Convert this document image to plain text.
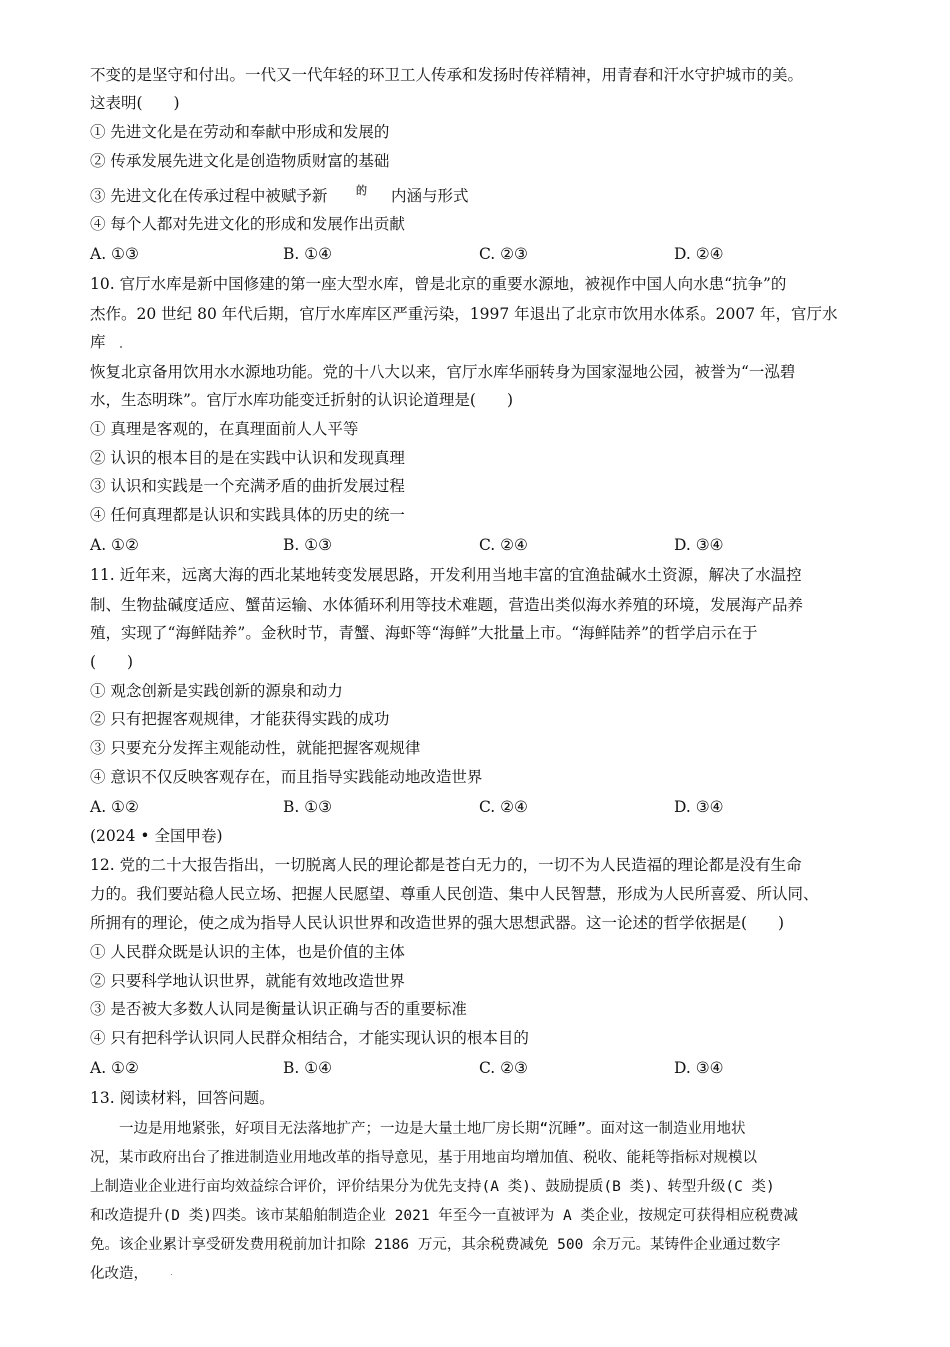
不变的是坚守和付出。一代又一代年轻的环卫工人传承和发扬时传祥精神，用青春和汗水守护城市的美。
这表明(　　)
① 先进文化是在劳动和奉献中形成和发展的
② 传承发展先进文化是创造物质财富的基础
③ 先进文化在传承过程中被赋予新	的 内涵与形式
④ 每个人都对先进文化的形成和发展作出贡献
A. ①③	B. ①④	C. ②③	D. ②④
10. 官厅水库是新中国修建的第一座大型水库，曾是北京的重要水源地，被视作中国人向水患“抗争”的
杰作。20 世纪 80 年代后期，官厅水库库区严重污染，1997 年退出了北京市饮用水体系。2007 年，官厅水
库
恢复北京备用饮用水水源地功能。党的十八大以来，官厅水库华丽转身为国家湿地公园，被誉为“一泓碧
水，生态明珠”。官厅水库功能变迁折射的认识论道理是(　　)
① 真理是客观的，在真理面前人人平等
② 认识的根本目的是在实践中认识和发现真理
③ 认识和实践是一个充满矛盾的曲折发展过程
④ 任何真理都是认识和实践具体的历史的统一
A. ①②	B. ①③	C. ②④	D. ③④
11. 近年来，远离大海的西北某地转变发展思路，开发利用当地丰富的宜渔盐碱水土资源，解决了水温控
制、生物盐碱度适应、蟹苗运输、水体循环利用等技术难题，营造出类似海水养殖的环境，发展海产品养
殖，实现了“海鲜陆养”。金秋时节，青蟹、海虾等“海鲜”大批量上市。“海鲜陆养”的哲学启示在于
(　　)
① 观念创新是实践创新的源泉和动力
② 只有把握客观规律，才能获得实践的成功
③ 只要充分发挥主观能动性，就能把握客观规律
④ 意识不仅反映客观存在，而且指导实践能动地改造世界
A. ①②	B. ①③	C. ②④	D. ③④
(2024 • 全国甲卷)
12. 党的二十大报告指出，一切脱离人民的理论都是苍白无力的，一切不为人民造福的理论都是没有生命
力的。我们要站稳人民立场、把握人民愿望、尊重人民创造、集中人民智慧，形成为人民所喜爱、所认同、
所拥有的理论，使之成为指导人民认识世界和改造世界的强大思想武器。这一论述的哲学依据是(　　)
① 人民群众既是认识的主体，也是价值的主体
② 只要科学地认识世界，就能有效地改造世界
③ 是否被大多数人认同是衡量认识正确与否的重要标准
④ 只有把科学认识同人民群众相结合，才能实现认识的根本目的
A. ①②	B. ①④	C. ②③	D. ③④
13. 阅读材料，回答问题。
　　一边是用地紧张，好项目无法落地扩产；一边是大量土地厂房长期“沉睡”。面对这一制造业用地状
况，某市政府出台了推进制造业用地改革的指导意见，基于用地亩均增加值、税收、能耗等指标对规模以
上制造业企业进行亩均效益综合评价，评价结果分为优先支持(A 类)、鼓励提质(B 类)、转型升级(C 类)
和改造提升(D 类)四类。该市某船舶制造企业 2021 年至今一直被评为 A 类企业，按规定可获得相应税费减
免。该企业累计享受研发费用税前加计扣除 2186 万元，其余税费减免 500 余万元。某铸件企业通过数字
化改造，
